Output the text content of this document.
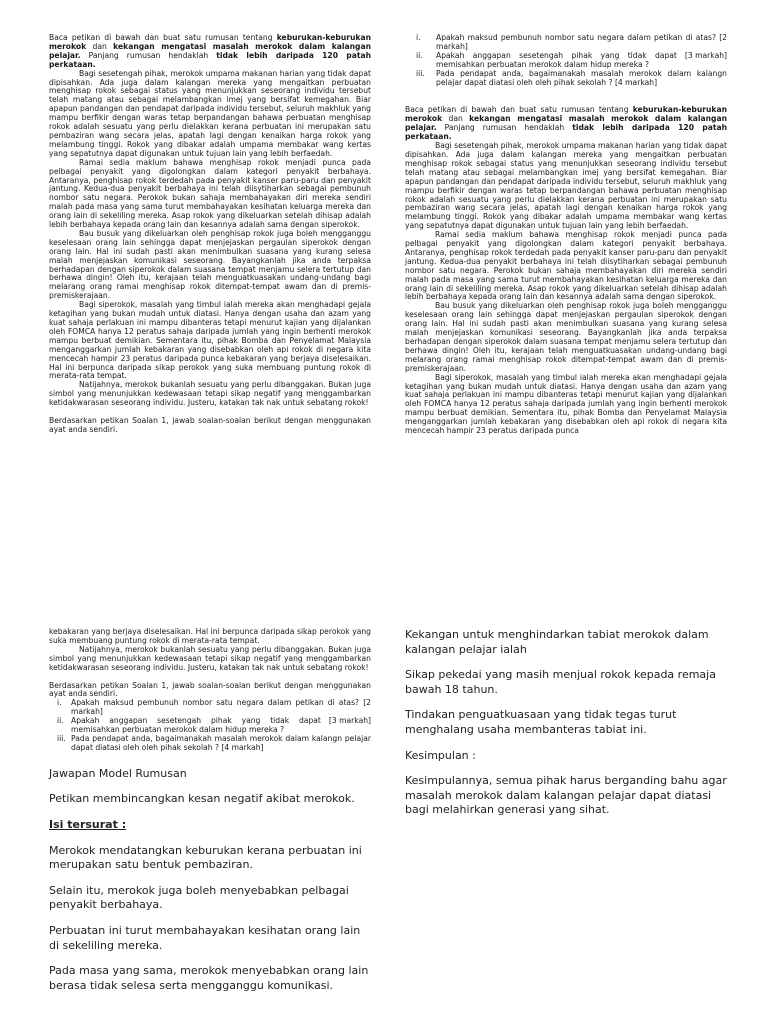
Baca petikan di bawah dan buat satu rumusan tentang keburukan-keburukan merokok dan kekangan mengatasi masalah merokok dalam kalangan pelajar. Panjang rumusan hendaklah tidak lebih daripada 120 patah perkataan.

Bagi sesetengah pihak, merokok umpama makanan harian yang tidak dapat dipisahkan. Ada juga dalam kalangan mereka yang mengaitkan perbuatan menghisap rokok sebagai status yang menunjukkan seseorang individu tersebut telah matang atau sebagai melambangkan imej yang bersifat kemegahan. Biar apapun pandangan dan pendapat daripada individu tersebut, seluruh makhluk yang mampu berfikir dengan waras tetap berpandangan bahawa perbuatan menghisap rokok adalah sesuatu yang perlu dielakkan kerana perbuatan ini merupakan satu pembaziran wang secara jelas, apatah lagi dengan kenaikan harga rokok yang melambung tinggi. Rokok yang dibakar adalah umpama membakar wang kertas yang sepatutnya dapat digunakan untuk tujuan lain yang lebih berfaedah.

Ramai sedia maklum bahawa menghisap rokok menjadi punca pada pelbagai penyakit yang digolongkan dalam kategori penyakit berbahaya. Antaranya, penghisap rokok terdedah pada penyakit kanser paru-paru dan penyakit jantung. Kedua-dua penyakit berbahaya ini telah diisytiharkan sebagai pembunuh nombor satu negara. Perokok bukan sahaja membahayakan diri mereka sendiri malah pada masa yang sama turut membahayakan kesihatan keluarga mereka dan orang lain di sekeliling mereka. Asap rokok yang dikeluarkan setelah dihisap adalah lebih berbahaya kepada orang lain dan kesannya adalah sama dengan siperokok.

Bau busuk yang dikeluarkan oleh penghisap rokok juga boleh mengganggu keselesaan orang lain sehingga dapat menjejaskan pergaulan siperokok dengan orang lain. Hal ini sudah pasti akan menimbulkan suasana yang kurang selesa malah menjejaskan komunikasi seseorang. Bayangkanlah jika anda terpaksa berhadapan dengan siperokok dalam suasana tempat menjamu selera tertutup dan berhawa dingin! Oleh itu, kerajaan telah menguatkuasakan undang-undang bagi melarang orang ramai menghisap rokok ditempat-tempat awam dan di premis-premiskerajaan.

Bagi siperokok, masalah yang timbul ialah mereka akan menghadapi gejala ketagihan yang bukan mudah untuk diatasi. Hanya dengan usaha dan azam yang kuat sahaja perlakuan ini mampu dibanteras tetapi menurut kajian yang dijalankan oleh FOMCA hanya 12 peratus sahaja daripada jumlah yang ingin berhenti merokok mampu berbuat demikian. Sementara itu, pihak Bomba dan Penyelamat Malaysia menganggarkan jumlah kebakaran yang disebabkan oleh api rokok di negara kita mencecah hampir 23 peratus daripada punca kebakaran yang berjaya diselesaikan. Hal ini berpunca daripada sikap perokok yang suka membuang puntung rokok di merata-rata tempat.

Natijahnya, merokok bukanlah sesuatu yang perlu dibanggakan. Bukan juga simbol yang menunjukkan kedewasaan tetapi sikap negatif yang menggambarkan ketidakwarasan seseorang individu. Justeru, katakan tak nak untuk sebatang rokok!

Berdasarkan petikan Soalan 1, jawab soalan-soalan berikut dengan menggunakan ayat anda sendiri.

i. Apakah maksud pembunuh nombor satu negara dalam petikan di atas? [2 markah]
ii.	[3 markah]
Apakah anggapan sesetengah pihak yang tidak dapat memisahkan perbuatan merokok dalam hidup mereka ?
iii. Pada pendapat anda, bagaimanakah masalah merokok dalam kalangn pelajar dapat diatasi oleh oleh pihak sekolah ? [4 markah]

Baca petikan di bawah dan buat satu rumusan tentang keburukan-keburukan merokok dan kekangan mengatasi masalah merokok dalam kalangan pelajar. Panjang rumusan hendaklah tidak lebih daripada 120 patah perkataan.

Bagi sesetengah pihak, merokok umpama makanan harian yang tidak dapat dipisahkan. Ada juga dalam kalangan mereka yang mengaitkan perbuatan menghisap rokok sebagai status yang menunjukkan seseorang individu tersebut telah matang atau sebagai melambangkan imej yang bersifat kemegahan. Biar apapun pandangan dan pendapat daripada individu tersebut, seluruh makhluk yang mampu berfikir dengan waras tetap berpandangan bahawa perbuatan menghisap rokok adalah sesuatu yang perlu dielakkan kerana perbuatan ini merupakan satu pembaziran wang secara jelas, apatah lagi dengan kenaikan harga rokok yang melambung tinggi. Rokok yang dibakar adalah umpama membakar wang kertas yang sepatutnya dapat digunakan untuk tujuan lain yang lebih berfaedah.

Ramai sedia maklum bahawa menghisap rokok menjadi punca pada pelbagai penyakit yang digolongkan dalam kategori penyakit berbahaya. Antaranya, penghisap rokok terdedah pada penyakit kanser paru-paru dan penyakit jantung. Kedua-dua penyakit berbahaya ini telah diisytiharkan sebagai pembunuh nombor satu negara. Perokok bukan sahaja membahayakan diri mereka sendiri malah pada masa yang sama turut membahayakan kesihatan keluarga mereka dan orang lain di sekeliling mereka. Asap rokok yang dikeluarkan setelah dihisap adalah lebih berbahaya kepada orang lain dan kesannya adalah sama dengan siperokok.

Bau busuk yang dikeluarkan oleh penghisap rokok juga boleh mengganggu keselesaan orang lain sehingga dapat menjejaskan pergaulan siperokok dengan orang lain. Hal ini sudah pasti akan menimbulkan suasana yang kurang selesa malah menjejaskan komunikasi seseorang. Bayangkanlah jika anda terpaksa berhadapan dengan siperokok dalam suasana tempat menjamu selera tertutup dan berhawa dingin! Oleh itu, kerajaan telah menguatkuasakan undang-undang bagi melarang orang ramai menghisap rokok ditempat-tempat awam dan di premis-premiskerajaan.

Bagi siperokok, masalah yang timbul ialah mereka akan menghadapi gejala ketagihan yang bukan mudah untuk diatasi. Hanya dengan usaha dan azam yang kuat sahaja perlakuan ini mampu dibanteras tetapi menurut kajian yang dijalankan oleh FOMCA hanya 12 peratus sahaja daripada jumlah yang ingin berhenti merokok mampu berbuat demikian. Sementara itu, pihak Bomba dan Penyelamat Malaysia menganggarkan jumlah kebakaran yang disebabkan oleh api rokok di negara kita mencecah hampir 23 peratus daripada punca

kebakaran yang berjaya diselesaikan. Hal ini berpunca daripada sikap perokok yang suka membuang puntung rokok di merata-rata tempat.

Natijahnya, merokok bukanlah sesuatu yang perlu dibanggakan. Bukan juga simbol yang menunjukkan kedewasaan tetapi sikap negatif yang menggambarkan ketidakwarasan seseorang individu. Justeru, katakan tak nak untuk sebatang rokok!

Berdasarkan petikan Soalan 1, jawab soalan-soalan berikut dengan menggunakan ayat anda sendiri.

i. Apakah maksud pembunuh nombor satu negara dalam petikan di atas? [2 markah]
ii.	[3 markah]
Apakah anggapan sesetengah pihak yang tidak dapat memisahkan perbuatan merokok dalam hidup mereka ?
iii. Pada pendapat anda, bagaimanakah masalah merokok dalam kalangn pelajar dapat diatasi oleh oleh pihak sekolah ? [4 markah]

Jawapan Model Rumusan

Petikan membincangkan kesan negatif akibat merokok.

Isi tersurat :

Merokok mendatangkan keburukan kerana perbuatan ini merupakan satu bentuk pembaziran.

Selain itu, merokok juga boleh menyebabkan pelbagai penyakit berbahaya.

Perbuatan ini turut membahayakan kesihatan orang lain di sekeliling mereka.

Pada masa yang sama, merokok menyebabkan orang lain berasa tidak selesa serta mengganggu komunikasi.

Kekangan untuk menghindarkan tabiat merokok dalam kalangan pelajar ialah

Sikap pekedai yang masih menjual rokok kepada remaja bawah 18 tahun.

Tindakan penguatkuasaan yang tidak tegas turut menghalang usaha membanteras tabiat ini.

Kesimpulan :

Kesimpulannya, semua pihak harus berganding bahu agar masalah merokok dalam kalangan pelajar dapat diatasi bagi melahirkan generasi yang sihat.
